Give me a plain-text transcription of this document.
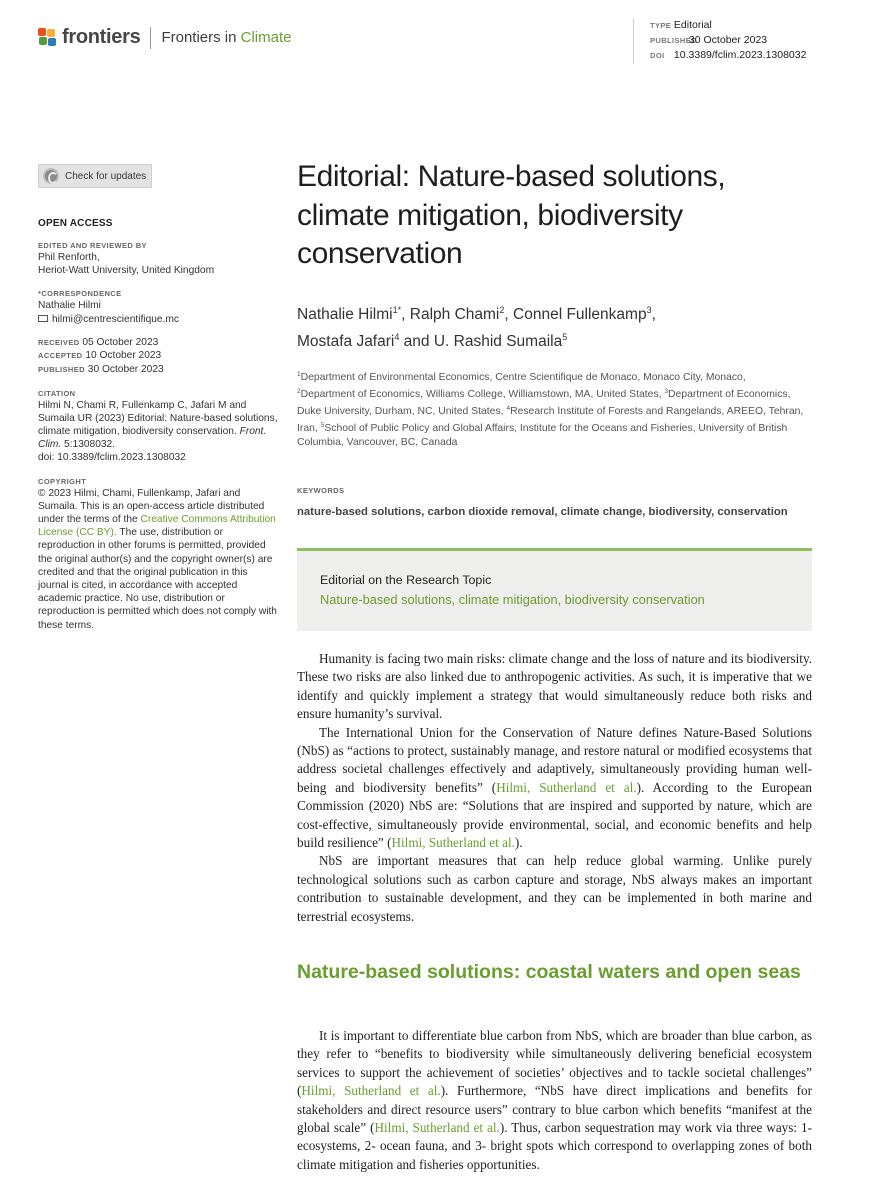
frontiers Frontiers in Climate
TYPE Editorial
PUBLISHED 30 October 2023
DOI 10.3389/fclim.2023.1308032
Check for updates
OPEN ACCESS
EDITED AND REVIEWED BY
Phil Renforth,
Heriot-Watt University, United Kingdom
*CORRESPONDENCE
Nathalie Hilmi
hilmi@centrescientifique.mc
RECEIVED 05 October 2023
ACCEPTED 10 October 2023
PUBLISHED 30 October 2023
CITATION
Hilmi N, Chami R, Fullenkamp C, Jafari M and Sumaila UR (2023) Editorial: Nature-based solutions, climate mitigation, biodiversity conservation. Front. Clim. 5:1308032.
doi: 10.3389/fclim.2023.1308032
COPYRIGHT
© 2023 Hilmi, Chami, Fullenkamp, Jafari and Sumaila. This is an open-access article distributed under the terms of the Creative Commons Attribution License (CC BY). The use, distribution or reproduction in other forums is permitted, provided the original author(s) and the copyright owner(s) are credited and that the original publication in this journal is cited, in accordance with accepted academic practice. No use, distribution or reproduction is permitted which does not comply with these terms.
Editorial: Nature-based solutions, climate mitigation, biodiversity conservation
Nathalie Hilmi$^{1*}$, Ralph Chami$^2$, Connel Fullenkamp$^3$,
Mostafa Jafari$^4$ and U. Rashid Sumaila$^5$
$^1$Department of Environmental Economics, Centre Scientifique de Monaco, Monaco City, Monaco,
$^2$Department of Economics, Williams College, Williamstown, MA, United States, $^3$Department of Economics, Duke University, Durham, NC, United States, $^4$Research Institute of Forests and Rangelands, AREEO, Tehran, Iran, $^5$School of Public Policy and Global Affairs, Institute for the Oceans and Fisheries, University of British Columbia, Vancouver, BC, Canada
KEYWORDS
nature-based solutions, carbon dioxide removal, climate change, biodiversity, conservation
Editorial on the Research Topic
Nature-based solutions, climate mitigation, biodiversity conservation

Humanity is facing two main risks: climate change and the loss of nature and its biodiversity. These two risks are also linked due to anthropogenic activities. As such, it is imperative that we identify and quickly implement a strategy that would simultaneously reduce both risks and ensure humanity’s survival.

The International Union for the Conservation of Nature defines Nature-Based Solutions (NbS) as “actions to protect, sustainably manage, and restore natural or modified ecosystems that address societal challenges effectively and adaptively, simultaneously providing human well-being and biodiversity benefits” (Hilmi, Sutherland et al.). According to the European Commission (2020) NbS are: “Solutions that are inspired and supported by nature, which are cost-effective, simultaneously provide environmental, social, and economic benefits and help build resilience” (Hilmi, Sutherland et al.).

NbS are important measures that can help reduce global warming. Unlike purely technological solutions such as carbon capture and storage, NbS always makes an important contribution to sustainable development, and they can be implemented in both marine and terrestrial ecosystems.

Nature-based solutions: coastal waters and open seas

It is important to differentiate blue carbon from NbS, which are broader than blue carbon, as they refer to “benefits to biodiversity while simultaneously delivering beneficial ecosystem services to support the achievement of societies’ objectives and to tackle societal challenges” (Hilmi, Sutherland et al.). Furthermore, “NbS have direct implications and benefits for stakeholders and direct resource users” contrary to blue carbon which benefits “manifest at the global scale” (Hilmi, Sutherland et al.). Thus, carbon sequestration may work via three ways: 1- ecosystems, 2- ocean fauna, and 3- bright spots which correspond to overlapping zones of both climate mitigation and fisheries opportunities.
